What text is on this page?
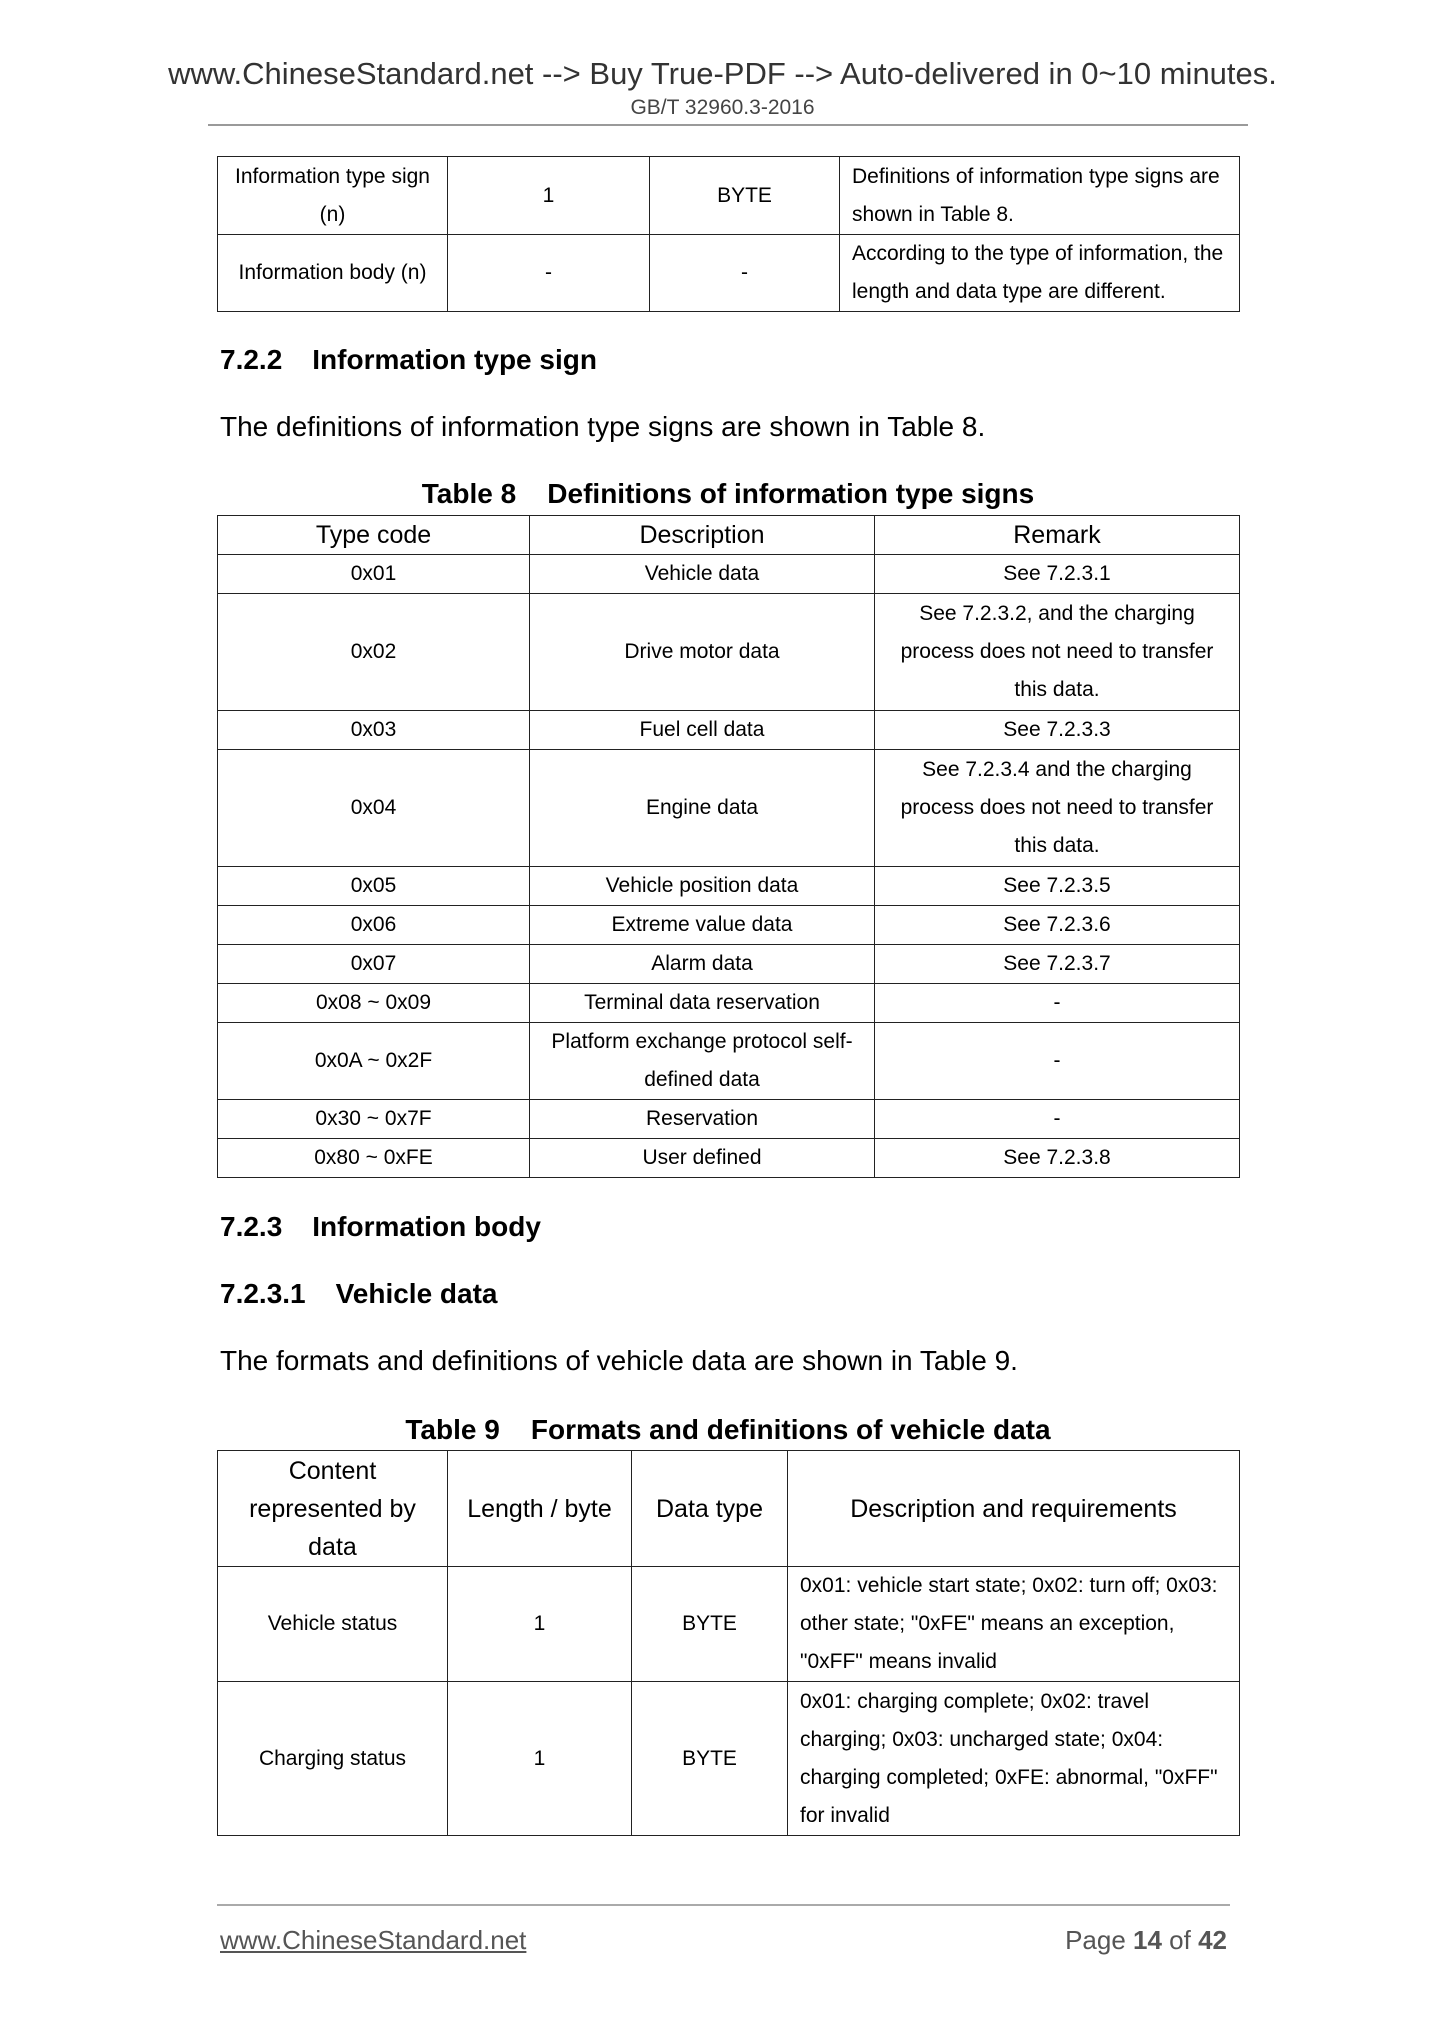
www.ChineseStandard.net --> Buy True-PDF --> Auto-delivered in 0~10 minutes.
GB/T 32960.3-2016
Information type sign (n)	1	BYTE	Definitions of information type signs are shown in Table 8.
Information body (n)	-	-	According to the type of information, the length and data type are different.
7.2.2 Information type sign
The definitions of information type signs are shown in Table 8.
Table 8    Definitions of information type signs
Type code	Description	Remark
0x01	Vehicle data	See 7.2.3.1
0x02	Drive motor data	See 7.2.3.2, and the charging process does not need to transfer this data.
0x03	Fuel cell data	See 7.2.3.3
0x04	Engine data	See 7.2.3.4 and the charging process does not need to transfer this data.
0x05	Vehicle position data	See 7.2.3.5
0x06	Extreme value data	See 7.2.3.6
0x07	Alarm data	See 7.2.3.7
0x08 ~ 0x09	Terminal data reservation	-
0x0A ~ 0x2F	Platform exchange protocol self-defined data	-
0x30 ~ 0x7F	Reservation	-
0x80 ~ 0xFE	User defined	See 7.2.3.8
7.2.3 Information body
7.2.3.1 Vehicle data
The formats and definitions of vehicle data are shown in Table 9.
Table 9    Formats and definitions of vehicle data
Content represented by data	Length / byte	Data type	Description and requirements
Vehicle status	1	BYTE	0x01: vehicle start state; 0x02: turn off; 0x03: other state; "0xFE" means an exception, "0xFF" means invalid
Charging status	1	BYTE	0x01: charging complete; 0x02: travel charging; 0x03: uncharged state; 0x04: charging completed; 0xFE: abnormal, "0xFF" for invalid
www.ChineseStandard.net	Page 14 of 42
